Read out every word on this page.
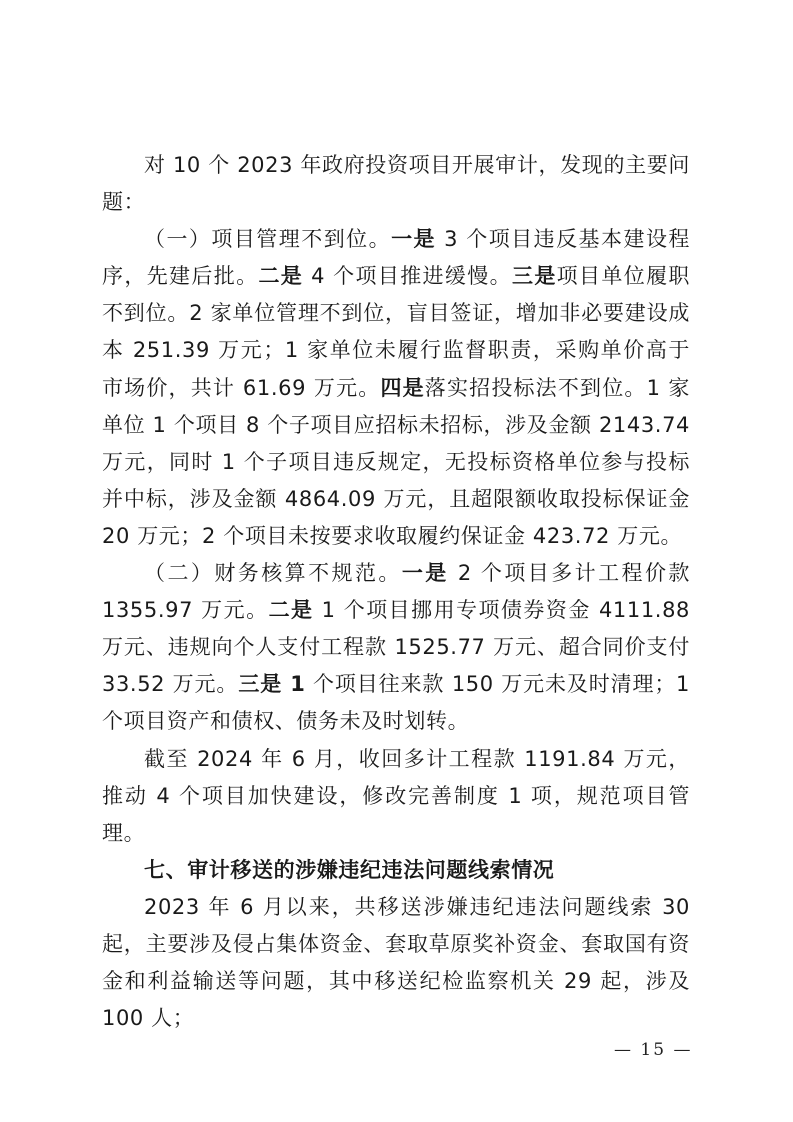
对 10 个 2023 年政府投资项目开展审计，发现的主要问题：

（一）项目管理不到位。一是 3 个项目违反基本建设程序，先建后批。二是 4 个项目推进缓慢。三是项目单位履职不到位。2 家单位管理不到位，盲目签证，增加非必要建设成本 251.39 万元；1 家单位未履行监督职责，采购单价高于市场价，共计 61.69 万元。四是落实招投标法不到位。1 家单位 1 个项目 8 个子项目应招标未招标，涉及金额 2143.74 万元，同时 1 个子项目违反规定，无投标资格单位参与投标并中标，涉及金额 4864.09 万元，且超限额收取投标保证金 20 万元；2 个项目未按要求收取履约保证金 423.72 万元。

（二）财务核算不规范。一是 2 个项目多计工程价款 1355.97 万元。二是 1 个项目挪用专项债券资金 4111.88 万元、违规向个人支付工程款 1525.77 万元、超合同价支付 33.52 万元。三是 1 个项目往来款 150 万元未及时清理；1 个项目资产和债权、债务未及时划转。

截至 2024 年 6 月，收回多计工程款 1191.84 万元，推动 4 个项目加快建设，修改完善制度 1 项，规范项目管理。

七、审计移送的涉嫌违纪违法问题线索情况

2023 年 6 月以来，共移送涉嫌违纪违法问题线索 30 起，主要涉及侵占集体资金、套取草原奖补资金、套取国有资金和利益输送等问题，其中移送纪检监察机关 29 起，涉及 100 人；

— 15 —
